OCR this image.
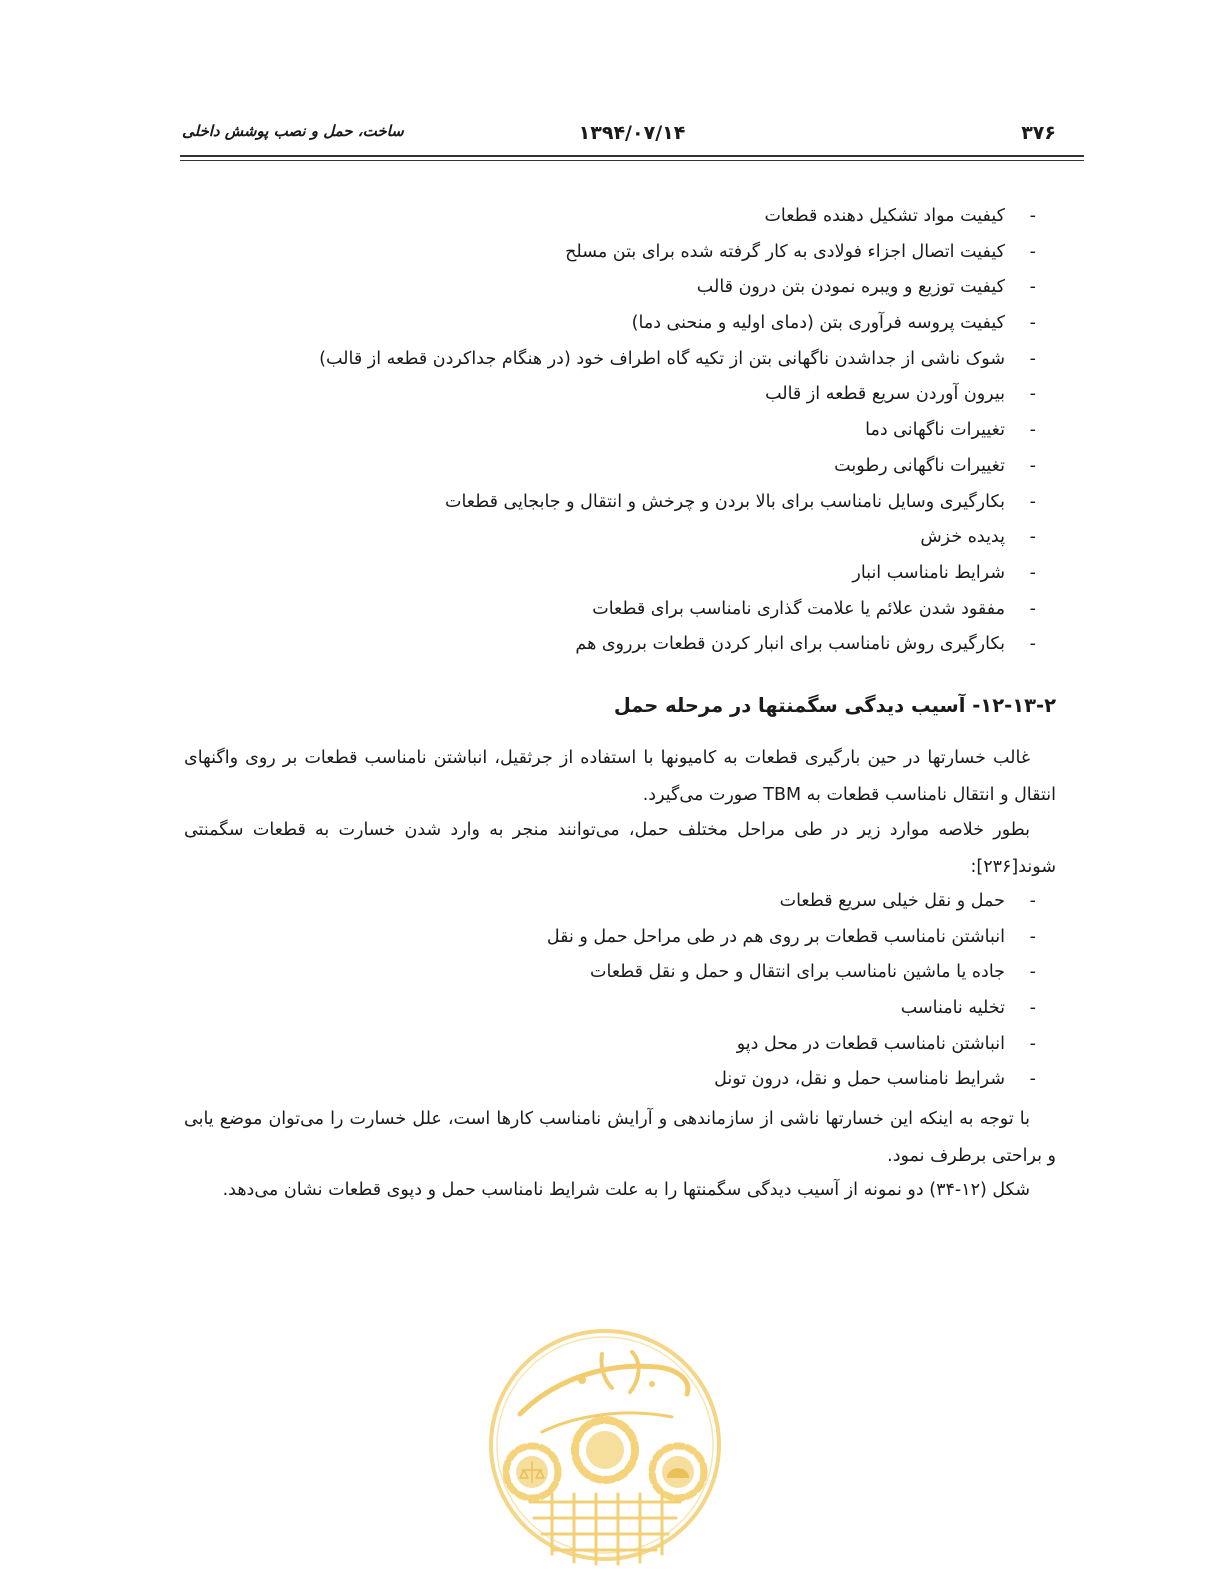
۳۷۶
۱۳۹۴/۰۷/۱۴
ساخت، حمل و نصب پوشش داخلی
-
کیفیت مواد تشکیل دهنده قطعات
-
کیفیت اتصال اجزاء فولادی به کار گرفته شده برای بتن مسلح
-
کیفیت توزیع و ویبره نمودن بتن درون قالب
-
کیفیت پروسه فرآوری بتن (دمای اولیه و منحنی دما)
-
شوک ناشی از جداشدن ناگهانی بتن از تکیه گاه اطراف خود (در هنگام جداکردن قطعه از قالب)
-
بیرون آوردن سریع قطعه از قالب
-
تغییرات ناگهانی دما
-
تغییرات ناگهانی رطوبت
-
بکارگیری وسایل نامناسب برای بالا بردن و چرخش و انتقال و جابجایی قطعات
-
پدیده خزش
-
شرایط نامناسب انبار
-
مفقود شدن علائم یا علامت گذاری نامناسب برای قطعات
-
بکارگیری روش نامناسب برای انبار کردن قطعات برروی هم
۱۲-۱۳-۲- آسیب دیدگی سگمنتها در مرحله حمل

غالب خسارتها در حین بارگیری قطعات به کامیونها با استفاده از جرثقیل، انباشتن نامناسب قطعات بر روی واگنهای انتقال و انتقال نامناسب قطعات به TBM صورت می‌گیرد.

بطور خلاصه موارد زیر در طی مراحل مختلف حمل، می‌توانند منجر به وارد شدن خسارت به قطعات سگمنتی شوند[۲۳۶]:

-
حمل و نقل خیلی سریع قطعات
-
انباشتن نامناسب قطعات بر روی هم در طی مراحل حمل و نقل
-
جاده یا ماشین نامناسب برای انتقال و حمل و نقل قطعات
-
تخلیه نامناسب
-
انباشتن نامناسب قطعات در محل دپو
-
شرایط نامناسب حمل و نقل، درون تونل

با توجه به اینکه این خسارتها ناشی از سازماندهی و آرایش نامناسب کارها است، علل خسارت را می‌توان موضع یابی و براحتی برطرف نمود.

شکل (۱۲-۳۴) دو نمونه از آسیب دیدگی سگمنتها را به علت شرایط نامناسب حمل و دپوی قطعات نشان می‌دهد.
